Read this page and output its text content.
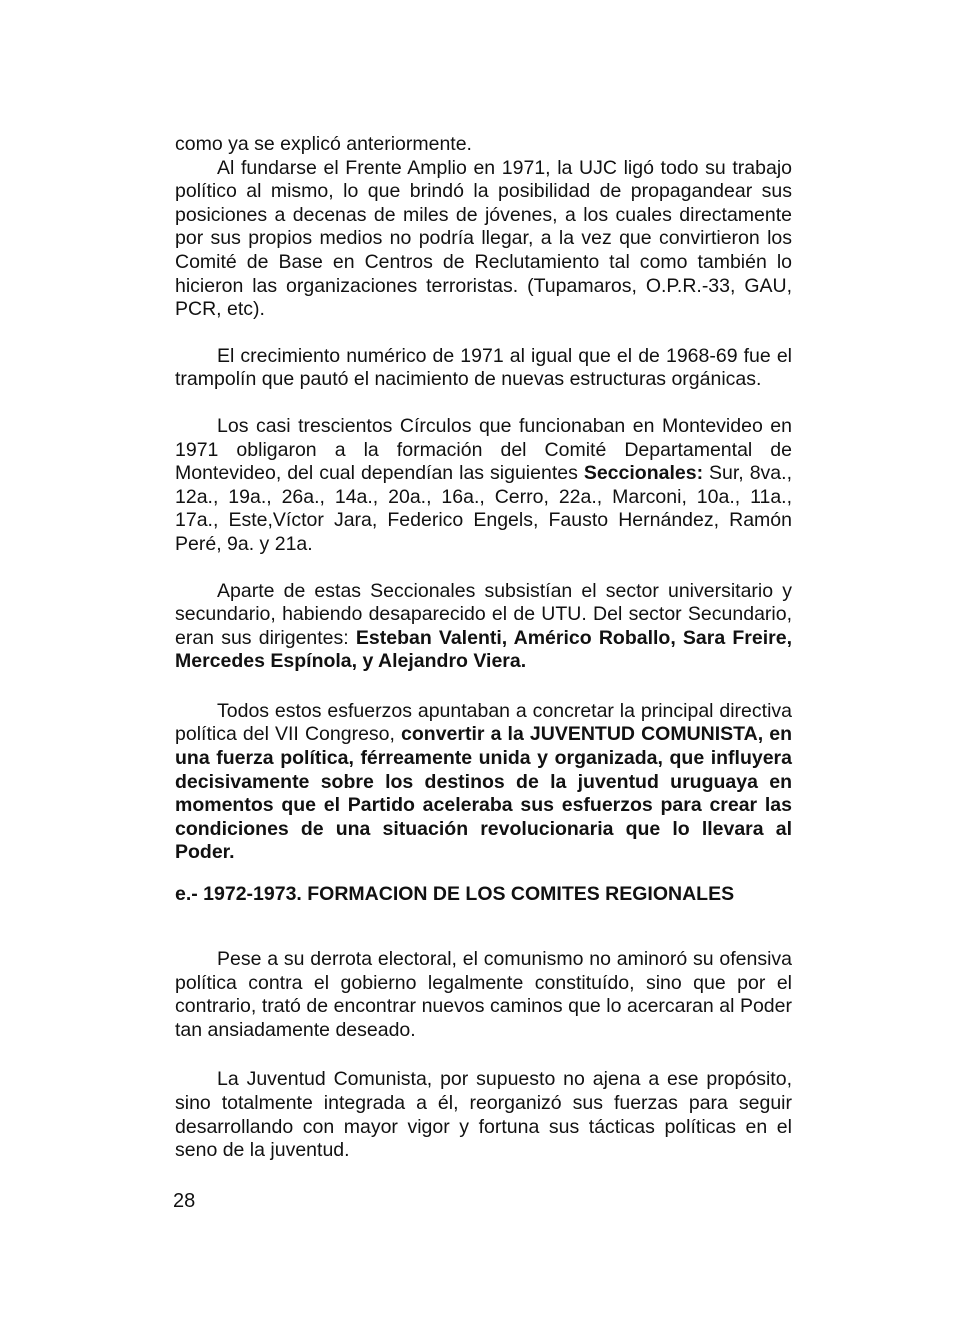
como ya se explicó anteriormente.

Al fundarse el Frente Amplio en 1971, la UJC ligó todo su trabajo político al mismo, lo que brindó la posibilidad de propagandear sus posiciones a decenas de miles de jóvenes, a los cuales directamente por sus propios medios no podría llegar, a la vez que convirtieron los Comité de Base en Centros de Reclutamiento tal como también lo hicieron las organizaciones terroristas. (Tupamaros, O.P.R.-33, GAU, PCR, etc).

El crecimiento numérico de 1971 al igual que el de 1968-69 fue el trampolín que pautó el nacimiento de nuevas estructuras orgánicas.

Los casi trescientos Círculos que funcionaban en Montevideo en 1971 obligaron a la formación del Comité Departamental de Montevideo, del cual dependían las siguientes Seccionales: Sur, 8va., 12a., 19a., 26a., 14a., 20a., 16a., Cerro, 22a., Marconi, 10a., 11a., 17a., Este,Víctor Jara, Federico Engels, Fausto Hernández, Ramón Peré, 9a. y 21a.

Aparte de estas Seccionales subsistían el sector universitario y secundario, habiendo desaparecido el de UTU. Del sector Secundario, eran sus dirigentes: Esteban Valenti, Américo Roballo, Sara Freire, Mercedes Espínola, y Alejandro Viera.

Todos estos esfuerzos apuntaban a concretar la principal directiva política del VII Congreso, convertir a la JUVENTUD COMUNISTA, en una fuerza política, férreamente unida y organizada, que influyera decisivamente sobre los destinos de la juventud uruguaya en momentos que el Partido aceleraba sus esfuerzos para crear las condiciones de una situación revolucionaria que lo llevara al Poder.

e.- 1972-1973. FORMACION DE LOS COMITES REGIONALES

Pese a su derrota electoral, el comunismo no aminoró su ofensiva política contra el gobierno legalmente constituído, sino que por el contrario, trató de encontrar nuevos caminos que lo acercaran al Poder tan ansiadamente deseado.

La Juventud Comunista, por supuesto no ajena a ese propósito, sino totalmente integrada a él, reorganizó sus fuerzas para seguir desarrollando con mayor vigor y fortuna sus tácticas políticas en el seno de la juventud.

28
